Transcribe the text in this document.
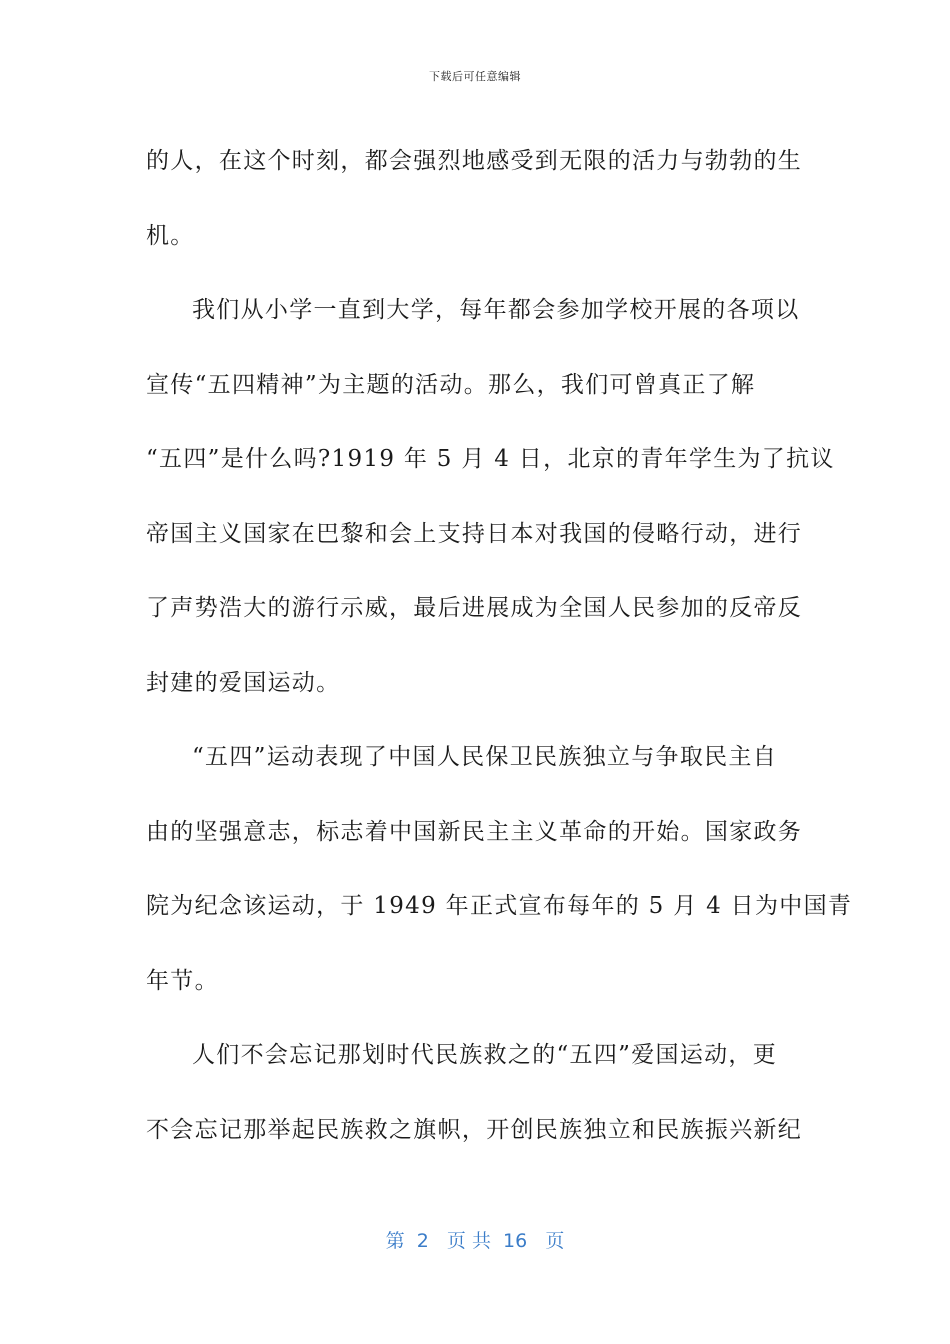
下载后可任意编辑
的人，在这个时刻，都会强烈地感受到无限的活力与勃勃的生
机。
我们从小学一直到大学，每年都会参加学校开展的各项以
宣传“五四精神”为主题的活动。那么，我们可曾真正了解
“五四”是什么吗?1919 年 5 月 4 日，北京的青年学生为了抗议
帝国主义国家在巴黎和会上支持日本对我国的侵略行动，进行
了声势浩大的游行示威，最后进展成为全国人民参加的反帝反
封建的爱国运动。
“五四”运动表现了中国人民保卫民族独立与争取民主自
由的坚强意志，标志着中国新民主主义革命的开始。国家政务
院为纪念该运动，于 1949 年正式宣布每年的 5 月 4 日为中国青
年节。
人们不会忘记那划时代民族救之的“五四”爱国运动，更
不会忘记那举起民族救之旗帜，开创民族独立和民族振兴新纪
第  2   页 共  16   页
